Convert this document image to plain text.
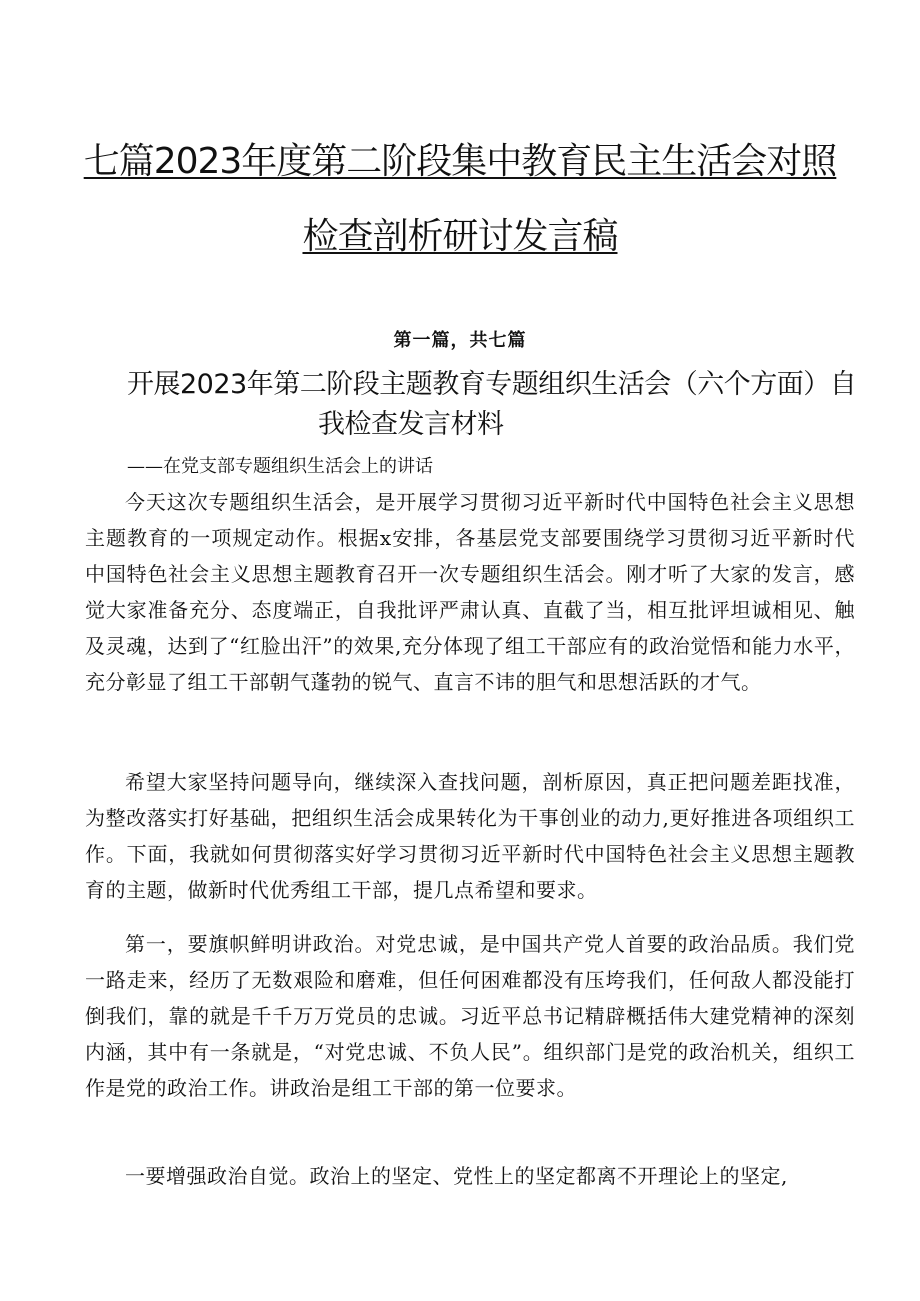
七篇2023年度第二阶段集中教育民主生活会对照
检查剖析研讨发言稿
第一篇，共七篇
开展2023年第二阶段主题教育专题组织生活会（六个方面）自
我检查发言材料
——在党支部专题组织生活会上的讲话

今天这次专题组织生活会，是开展学习贯彻习近平新时代中国特色社会主义思想主题教育的一项规定动作。根据x安排，各基层党支部要围绕学习贯彻习近平新时代中国特色社会主义思想主题教育召开一次专题组织生活会。刚才听了大家的发言，感觉大家准备充分、态度端正，自我批评严肃认真、直截了当，相互批评坦诚相见、触及灵魂，达到了“红脸出汗”的效果,充分体现了组工干部应有的政治觉悟和能力水平，充分彰显了组工干部朝气蓬勃的锐气、直言不讳的胆气和思想活跃的才气。

希望大家坚持问题导向，继续深入查找问题，剖析原因，真正把问题差距找准，为整改落实打好基础，把组织生活会成果转化为干事创业的动力,更好推进各项组织工作。下面，我就如何贯彻落实好学习贯彻习近平新时代中国特色社会主义思想主题教育的主题，做新时代优秀组工干部，提几点希望和要求。

第一，要旗帜鲜明讲政治。对党忠诚，是中国共产党人首要的政治品质。我们党一路走来，经历了无数艰险和磨难，但任何困难都没有压垮我们，任何敌人都没能打倒我们，靠的就是千千万万党员的忠诚。习近平总书记精辟概括伟大建党精神的深刻内涵，其中有一条就是，“对党忠诚、不负人民”。组织部门是党的政治机关，组织工作是党的政治工作。讲政治是组工干部的第一位要求。

一要增强政治自觉。政治上的坚定、党性上的坚定都离不开理论上的坚定,
